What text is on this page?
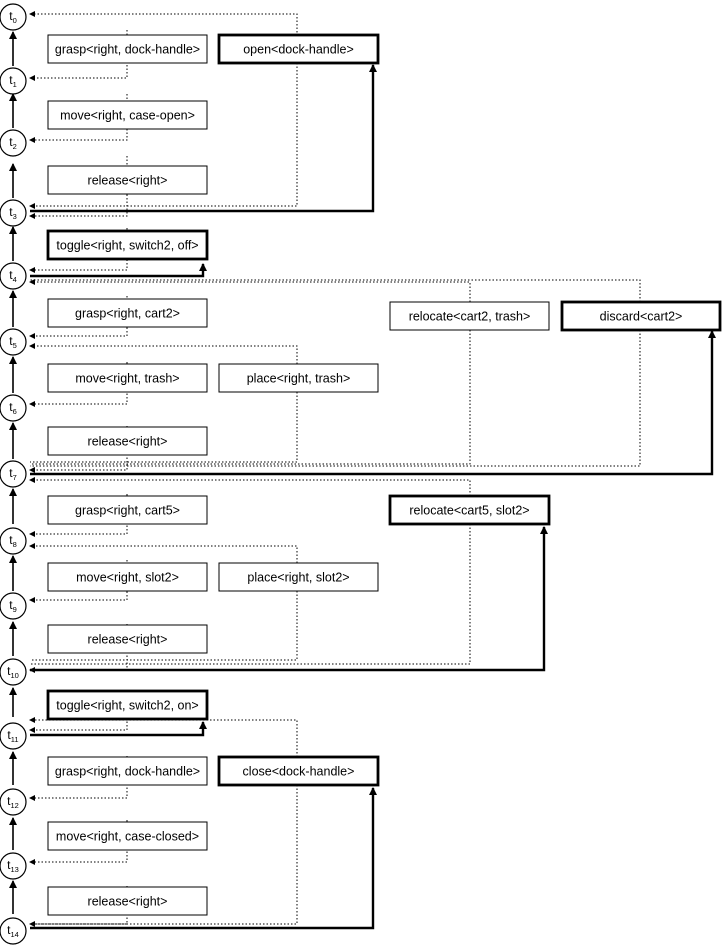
grasp<right, dock-handle>
move<right, case-open>
release<right>
toggle<right, switch2, off>
grasp<right, cart2>
move<right, trash>
release<right>
grasp<right, cart5>
move<right, slot2>
release<right>
toggle<right, switch2, on>
grasp<right, dock-handle>
move<right, case-closed>
release<right>
place<right, trash>
place<right, slot2>
relocate<cart2, trash>
open<dock-handle>
discard<cart2>
relocate<cart5, slot2>
close<dock-handle>
$t_0$
$t_1$
$t_2$
$t_3$
$t_4$
$t_5$
$t_6$
$t_7$
$t_8$
$t_9$
$t_{10}$
$t_{11}$
$t_{12}$
$t_{13}$
$t_{14}$
